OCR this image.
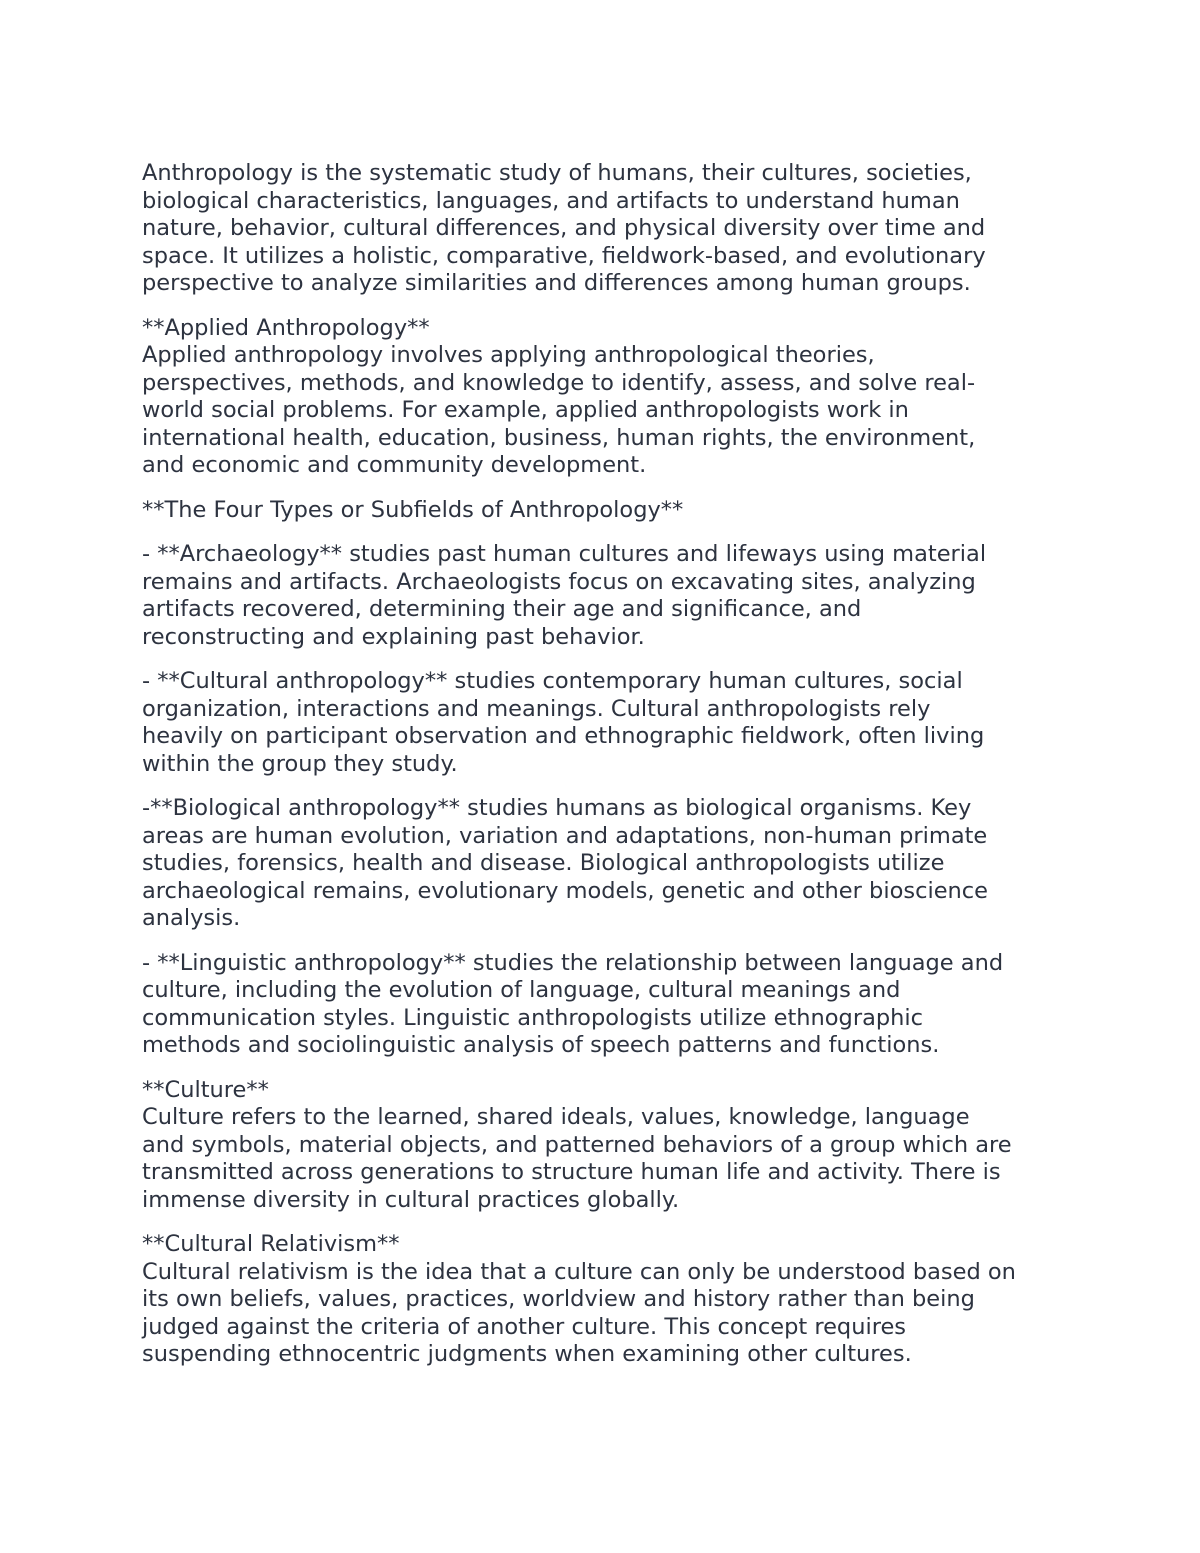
Anthropology is the systematic study of humans, their cultures, societies,
biological characteristics, languages, and artifacts to understand human
nature, behavior, cultural differences, and physical diversity over time and
space. It utilizes a holistic, comparative, fieldwork-based, and evolutionary
perspective to analyze similarities and differences among human groups.
**Applied Anthropology**
Applied anthropology involves applying anthropological theories,
perspectives, methods, and knowledge to identify, assess, and solve real-
world social problems. For example, applied anthropologists work in
international health, education, business, human rights, the environment,
and economic and community development.
**The Four Types or Subfields of Anthropology**
- **Archaeology** studies past human cultures and lifeways using material
remains and artifacts. Archaeologists focus on excavating sites, analyzing
artifacts recovered, determining their age and significance, and
reconstructing and explaining past behavior.
- **Cultural anthropology** studies contemporary human cultures, social
organization, interactions and meanings. Cultural anthropologists rely
heavily on participant observation and ethnographic fieldwork, often living
within the group they study.
-**Biological anthropology** studies humans as biological organisms. Key
areas are human evolution, variation and adaptations, non-human primate
studies, forensics, health and disease. Biological anthropologists utilize
archaeological remains, evolutionary models, genetic and other bioscience
analysis.
- **Linguistic anthropology** studies the relationship between language and
culture, including the evolution of language, cultural meanings and
communication styles. Linguistic anthropologists utilize ethnographic
methods and sociolinguistic analysis of speech patterns and functions.
**Culture**
Culture refers to the learned, shared ideals, values, knowledge, language
and symbols, material objects, and patterned behaviors of a group which are
transmitted across generations to structure human life and activity. There is
immense diversity in cultural practices globally.
**Cultural Relativism**
Cultural relativism is the idea that a culture can only be understood based on
its own beliefs, values, practices, worldview and history rather than being
judged against the criteria of another culture. This concept requires
suspending ethnocentric judgments when examining other cultures.
